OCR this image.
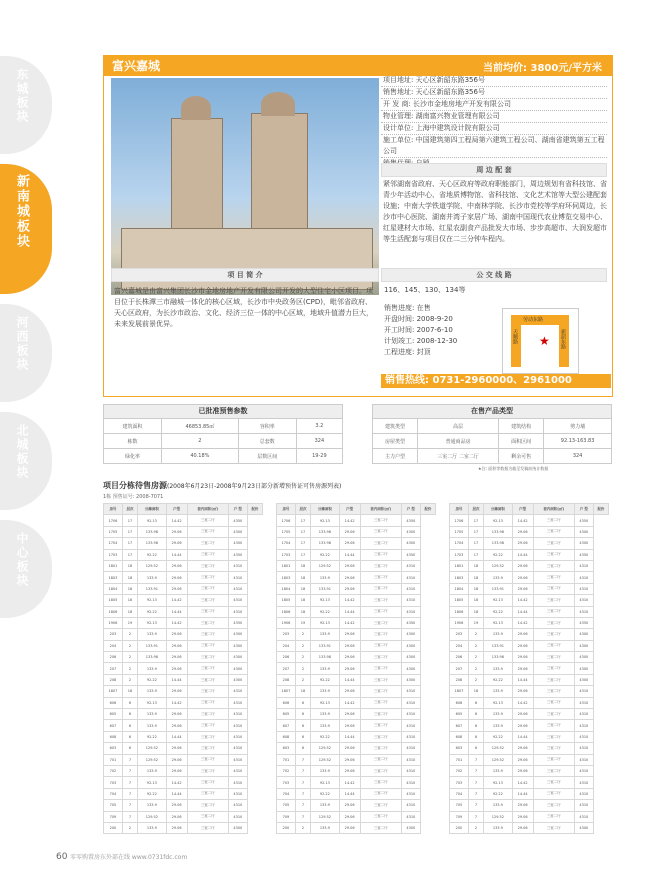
东城板块
新南城板块
河西板块
北城板块
中心板块
富兴嘉城	当前均价: 3800元/平方米
项目地址: 天心区新韶东路356号
销售地址: 天心区新韶东路356号
开 发 商: 长沙市金地房地产开发有限公司
物业管理: 湖南富兴物业管理有限公司
设计单位: 上海中建筑设计院有限公司
施工单位: 中国建筑第四工程局第六建筑工程公司、湖南省建筑第五工程公司
周 边 配 套
紧邻湖南省政府、天心区政府等政府职能部门，周边规划有省科技馆、省青少年活动中心、省地质博物馆、省科技馆、文化艺术馆等大型公建配套设施；中南大学铁道学院、中南林学院、长沙市党校等学府环伺周边，长沙市中心医院、湖南井湾子家居广场、湖南中国现代农业博览交易中心、红星建材大市场、红星农副食产品批发大市场、步步高超市、大润发超市等生活配套与项目仅在二三分钟车程内。
项 目 简 介
富兴嘉城是由富兴集团长沙市金地房地产开发有限公司开发的大型住宅小区项目。项目位于长株潭三市融城一体化的核心区域，长沙市中央政务区(CPD)，毗邻省政府、天心区政府，为长沙市政治、文化、经济三位一体的中心区域，地域升值潜力巨大，未来发展前景优异。
公 交 线 路
116、145、130、134等
销售进度: 在售
开盘时间: 2008-9-20
开工时间: 2007-6-10
计划竣工: 2008-12-30
工程进度: 封顶
天顺路
劳动东路
新韶东路
★
销售热线: 0731-2960000、2961000
已批准预售参数
建筑面积	46853.85㎡	容积率	3.2
栋数	2	总套数	324
绿化率	40.18%	层数区间	19-29
在售产品类型
建筑类型	高层	建筑结构	剪力墙
房屋类型	普通商品房	面积区间	92.13-163.83
主力户型	三室二厅 二室二厅	剩余可售	324
★注: 面积等数据为截至发稿前统计数据
项目分栋待售房源(2008年6月23日-2008年9月23日部分新增预售证可售房源列表)
1栋 预售证号: 2008-7071
房号	层次	分摊面积	户型	套内面积(㎡)	户 型	报价
1706	17	92.13	14.42	三室二厅	4350	
1705	17	133.98	29.06	三室二厅	4300	
1704	17	133.98	29.06	三室二厅	4300	
1703	17	92.22	14.44	三室二厅	4350	
1801	18	129.52	29.06	三室二厅	4310	
1803	18	133.9	29.06	三室二厅	4310	
1804	18	133.91	29.06	三室二厅	4310	
1805	18	92.13	14.42	三室二厅	4310	
1806	18	92.22	14.44	三室二厅	4310	
1906	19	92.13	14.42	三室二厅	4350	
203	2	133.9	29.06	三室二厅	4300	
204	2	133.91	29.06	三室二厅	4300	
206	2	133.98	29.06	三室二厅	4300	
207	2	133.9	29.06	三室二厅	4300	
208	2	92.22	14.44	三室二厅	4300	
1807	18	133.9	29.06	三室二厅	4310	
606	6	92.13	14.42	三室二厅	4310	
605	6	133.9	29.06	三室二厅	4310	
607	6	133.9	29.06	三室二厅	4310	
608	6	92.22	14.44	三室二厅	4310	
603	6	129.52	29.06	三室二厅	4310	
701	7	129.52	29.06	三室二厅	4310	
702	7	133.9	29.06	三室二厅	4310	
703	7	92.13	14.42	三室二厅	4310	
704	7	92.22	14.44	三室二厅	4310	
705	7	133.9	29.06	三室二厅	4310	
709	7	129.52	29.06	三室二厅	4310	
200	2	133.9	29.06	三室二厅	4300	
房号	层次	分摊面积	户型	套内面积(㎡)	户 型	报价
1706	17	92.13	14.42	三室二厅	4350	
1705	17	133.98	29.06	三室二厅	4300	
1704	17	133.98	29.06	三室二厅	4300	
1703	17	92.22	14.44	三室二厅	4350	
1801	18	129.52	29.06	三室二厅	4310	
1803	18	133.9	29.06	三室二厅	4310	
1804	18	133.91	29.06	三室二厅	4310	
1805	18	92.13	14.42	三室二厅	4310	
1806	18	92.22	14.44	三室二厅	4310	
1906	19	92.13	14.42	三室二厅	4350	
203	2	133.9	29.06	三室二厅	4300	
204	2	133.91	29.06	三室二厅	4300	
206	2	133.98	29.06	三室二厅	4300	
207	2	133.9	29.06	三室二厅	4300	
208	2	92.22	14.44	三室二厅	4300	
1807	18	133.9	29.06	三室二厅	4310	
606	6	92.13	14.42	三室二厅	4310	
605	6	133.9	29.06	三室二厅	4310	
607	6	133.9	29.06	三室二厅	4310	
608	6	92.22	14.44	三室二厅	4310	
603	6	129.52	29.06	三室二厅	4310	
701	7	129.52	29.06	三室二厅	4310	
702	7	133.9	29.06	三室二厅	4310	
703	7	92.13	14.42	三室二厅	4310	
704	7	92.22	14.44	三室二厅	4310	
705	7	133.9	29.06	三室二厅	4310	
709	7	129.52	29.06	三室二厅	4310	
200	2	133.9	29.06	三室二厅	4300	
房号	层次	分摊面积	户型	套内面积(㎡)	户 型	报价
1706	17	92.13	14.42	三室二厅	4350	
1705	17	133.98	29.06	三室二厅	4300	
1704	17	133.98	29.06	三室二厅	4300	
1703	17	92.22	14.44	三室二厅	4350	
1801	18	129.52	29.06	三室二厅	4310	
1803	18	133.9	29.06	三室二厅	4310	
1804	18	133.91	29.06	三室二厅	4310	
1805	18	92.13	14.42	三室二厅	4310	
1806	18	92.22	14.44	三室二厅	4310	
1906	19	92.13	14.42	三室二厅	4350	
203	2	133.9	29.06	三室二厅	4300	
204	2	133.91	29.06	三室二厅	4300	
206	2	133.98	29.06	三室二厅	4300	
207	2	133.9	29.06	三室二厅	4300	
208	2	92.22	14.44	三室二厅	4300	
1807	18	133.9	29.06	三室二厅	4310	
606	6	92.13	14.42	三室二厅	4310	
605	6	133.9	29.06	三室二厅	4310	
607	6	133.9	29.06	三室二厅	4310	
608	6	92.22	14.44	三室二厅	4310	
603	6	129.52	29.06	三室二厅	4310	
701	7	129.52	29.06	三室二厅	4310	
702	7	133.9	29.06	三室二厅	4310	
703	7	92.13	14.42	三室二厅	4310	
704	7	92.22	14.44	三室二厅	4310	
705	7	133.9	29.06	三室二厅	4310	
709	7	129.52	29.06	三室二厅	4310	
200	2	133.9	29.06	三室二厅	4300	
60 零零购置房东外部在线 www.0731fdc.com
